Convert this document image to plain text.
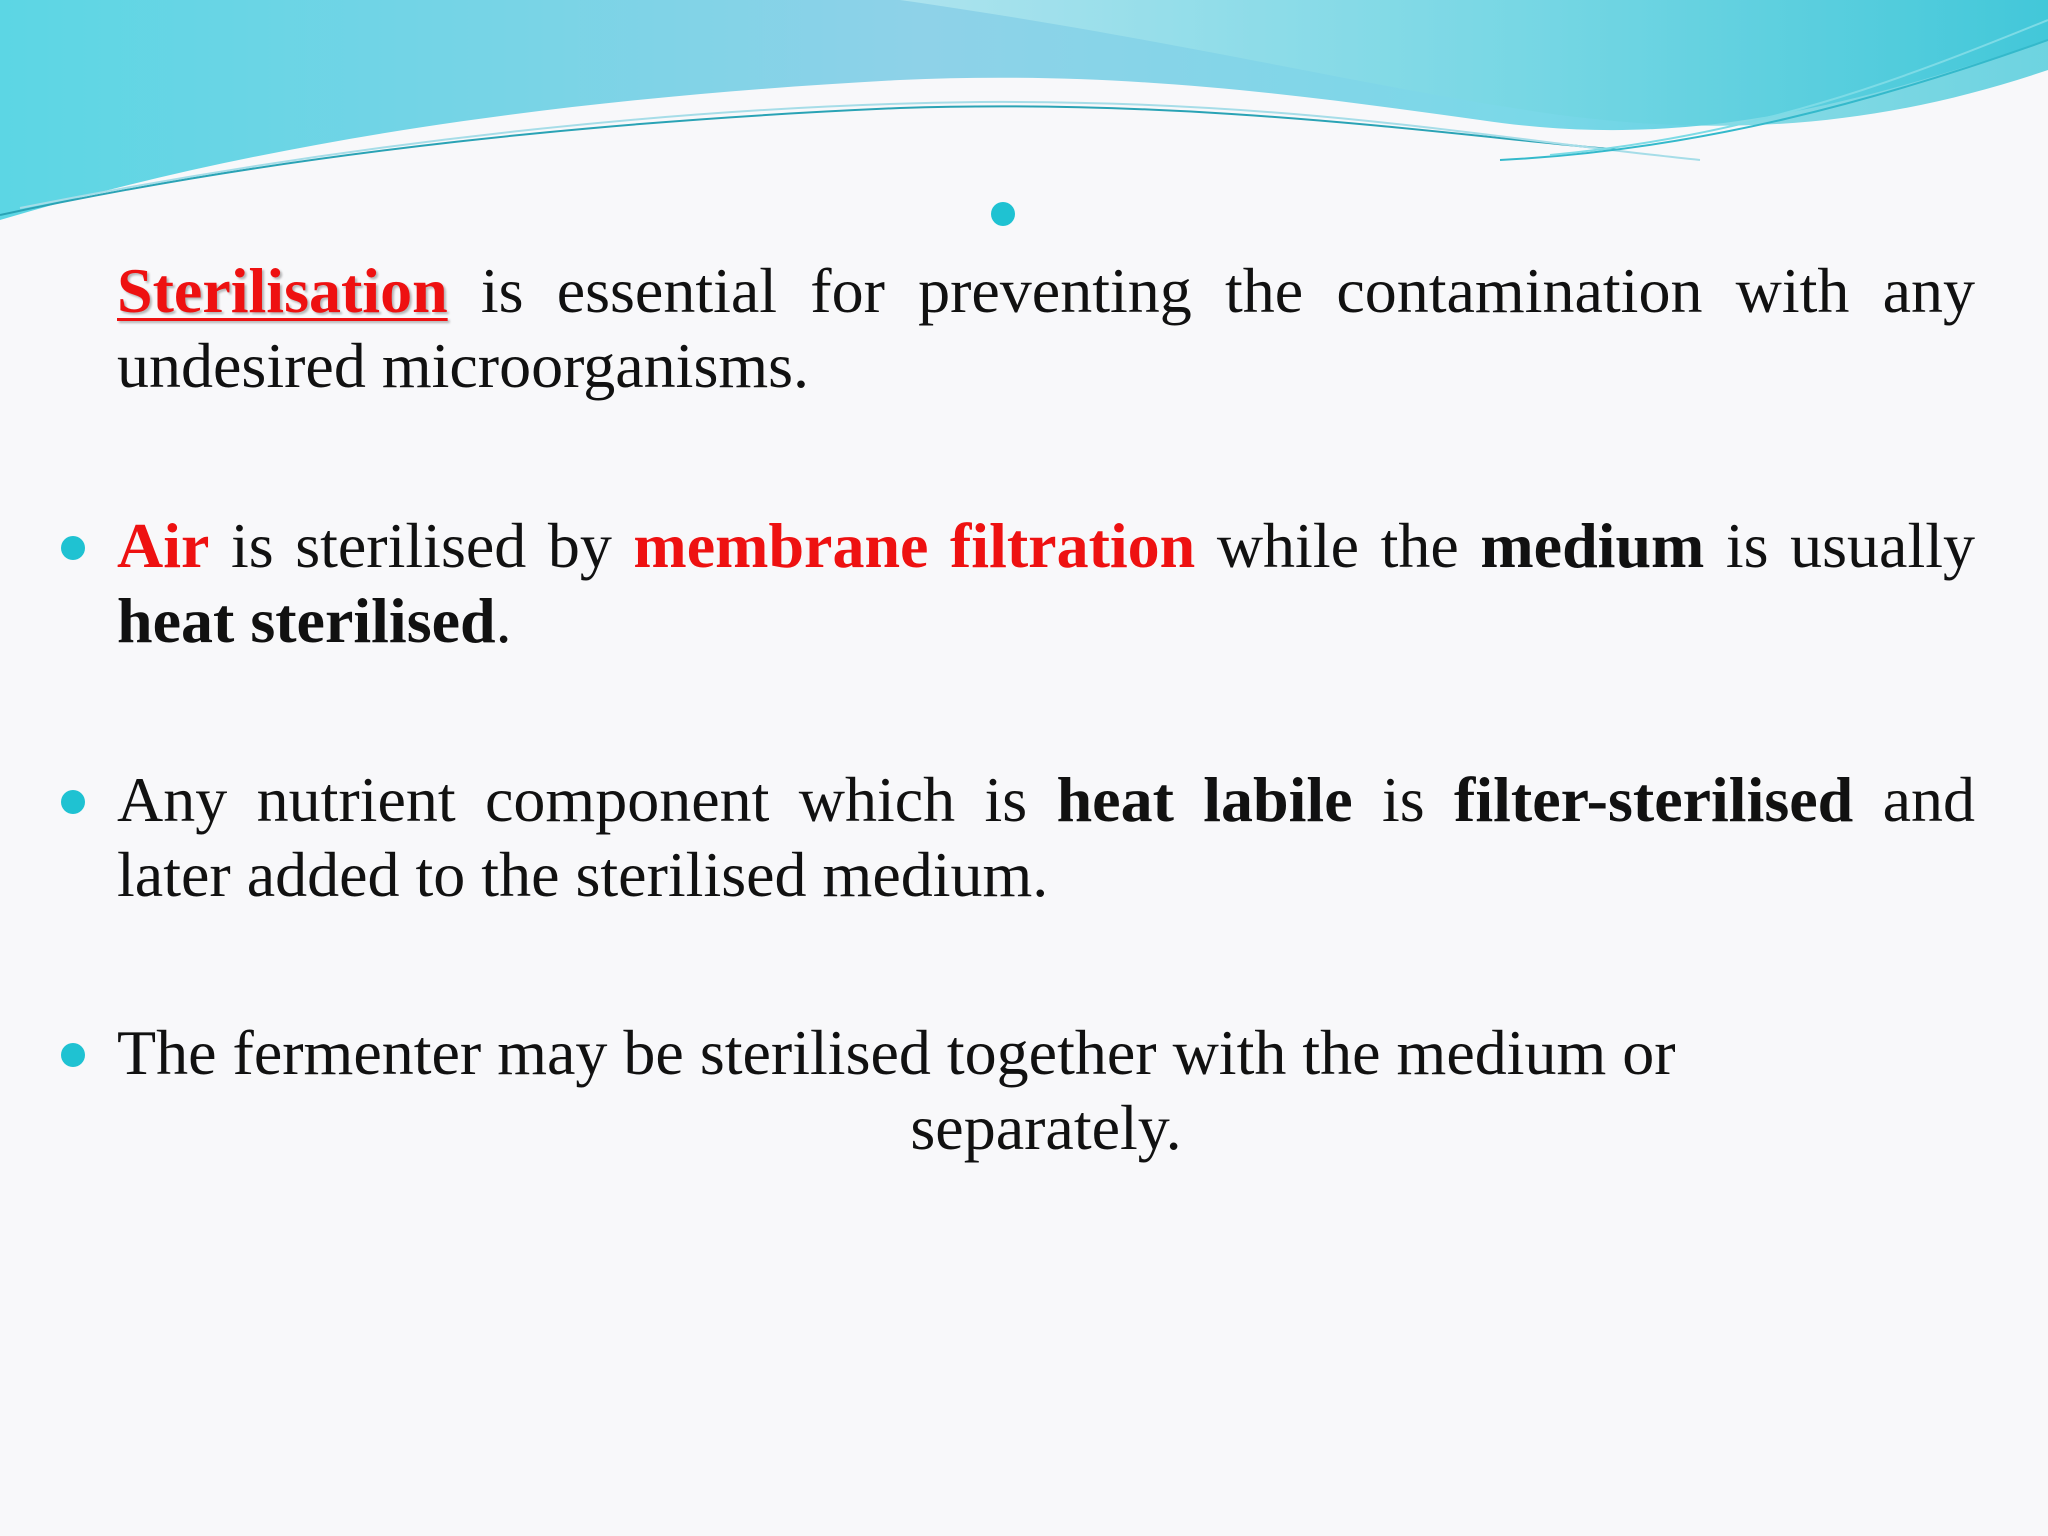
Sterilisation is essential for preventing the contamination with any undesired microorganisms.

Air is sterilised by membrane filtration while the medium is usually heat sterilised.

Any nutrient component which is heat labile is filter-sterilised and later added to the sterilised medium.

The fermenter may be sterilised together with the medium or
separately.
